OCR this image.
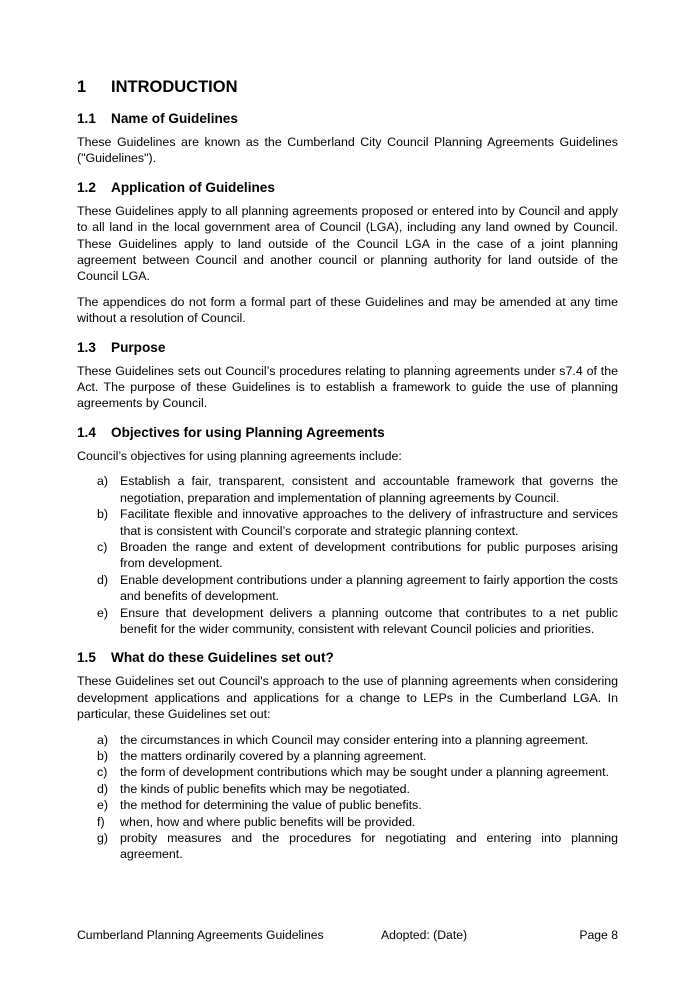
1 INTRODUCTION
1.1 Name of Guidelines

These Guidelines are known as the Cumberland City Council Planning Agreements Guidelines ("Guidelines").

1.2 Application of Guidelines

These Guidelines apply to all planning agreements proposed or entered into by Council and apply to all land in the local government area of Council (LGA), including any land owned by Council. These Guidelines apply to land outside of the Council LGA in the case of a joint planning agreement between Council and another council or planning authority for land outside of the Council LGA.

The appendices do not form a formal part of these Guidelines and may be amended at any time without a resolution of Council.

1.3 Purpose

These Guidelines sets out Council’s procedures relating to planning agreements under s7.4 of the Act. The purpose of these Guidelines is to establish a framework to guide the use of planning agreements by Council.

1.4 Objectives for using Planning Agreements

Council’s objectives for using planning agreements include:

a) Establish a fair, transparent, consistent and accountable framework that governs the negotiation, preparation and implementation of planning agreements by Council.
b) Facilitate flexible and innovative approaches to the delivery of infrastructure and services that is consistent with Council’s corporate and strategic planning context.
c) Broaden the range and extent of development contributions for public purposes arising from development.
d) Enable development contributions under a planning agreement to fairly apportion the costs and benefits of development.
e) Ensure that development delivers a planning outcome that contributes to a net public benefit for the wider community, consistent with relevant Council policies and priorities.
1.5 What do these Guidelines set out?

These Guidelines set out Council's approach to the use of planning agreements when considering development applications and applications for a change to LEPs in the Cumberland LGA. In particular, these Guidelines set out:

a) the circumstances in which Council may consider entering into a planning agreement.
b) the matters ordinarily covered by a planning agreement.
c) the form of development contributions which may be sought under a planning agreement.
d) the kinds of public benefits which may be negotiated.
e) the method for determining the value of public benefits.
f) when, how and where public benefits will be provided.
g) probity measures and the procedures for negotiating and entering into planning agreement.
Cumberland Planning Agreements Guidelines	Adopted: (Date)	Page 8
